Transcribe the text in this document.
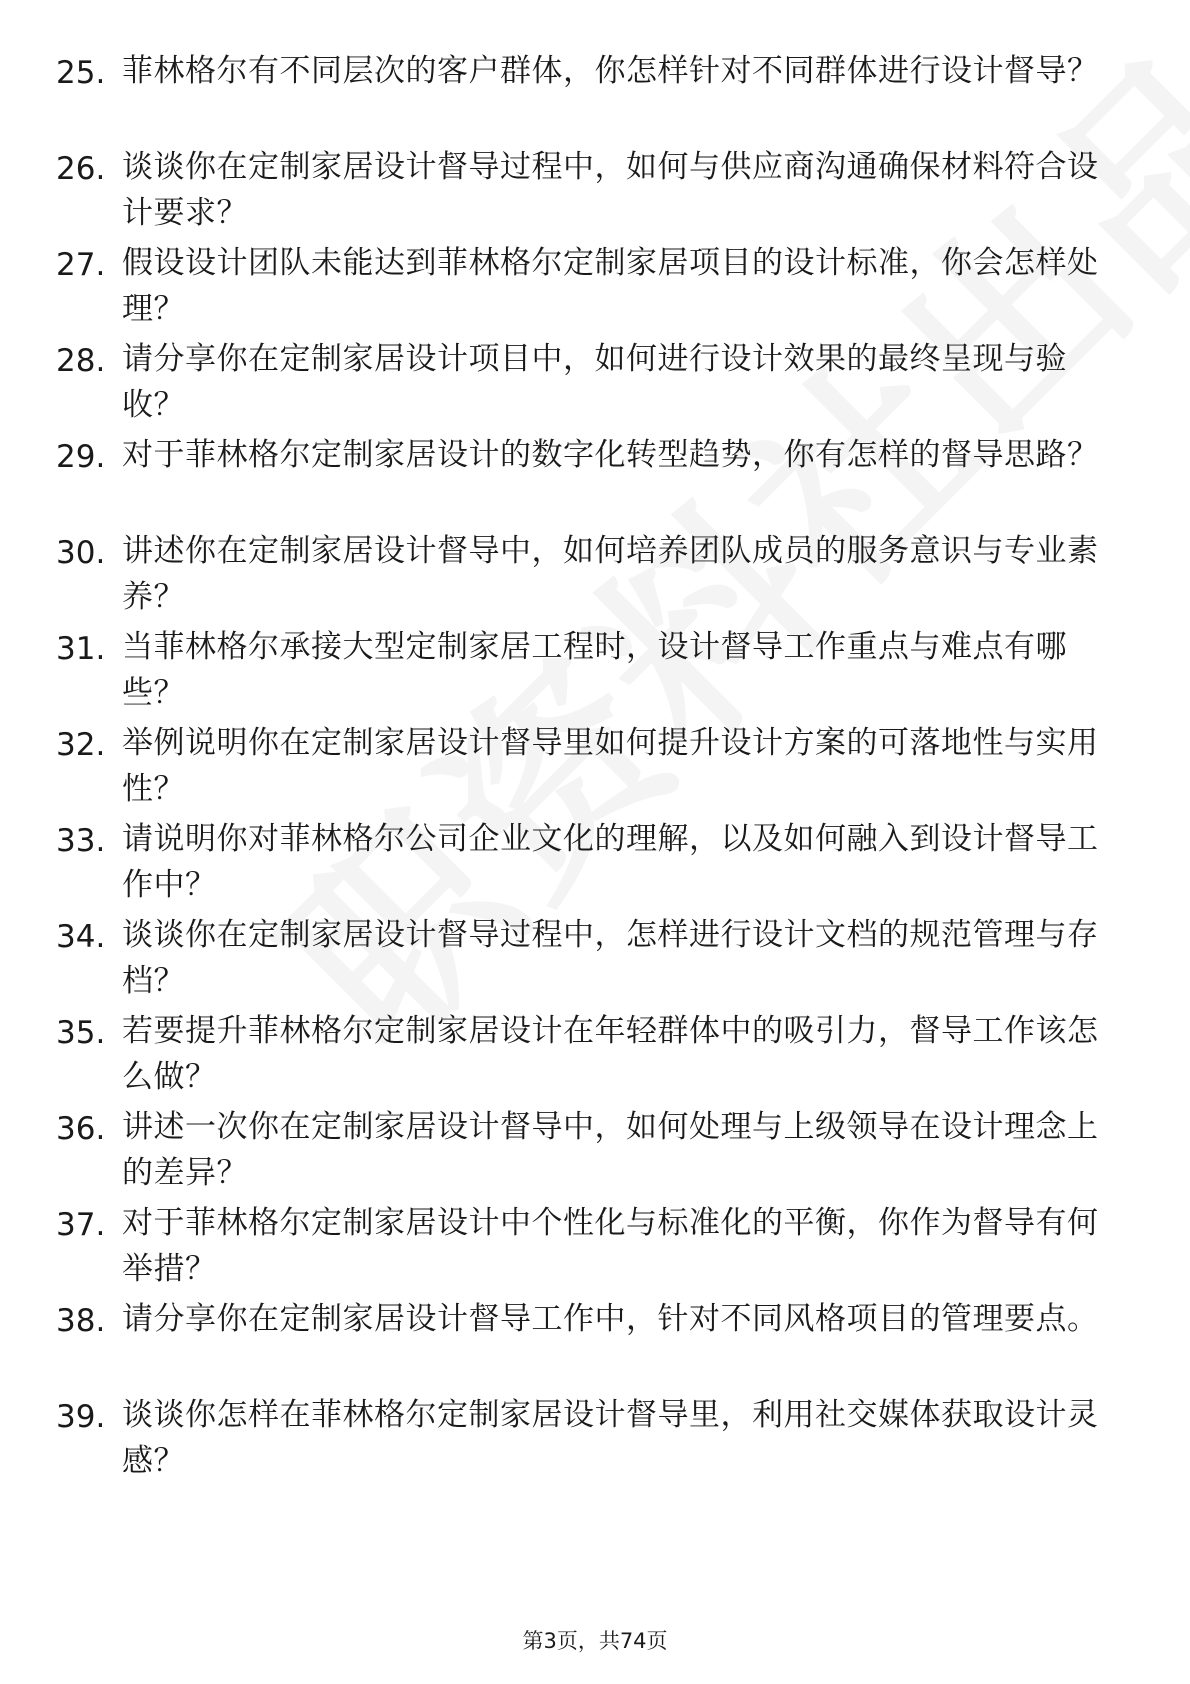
25. 菲林格尔有不同层次的客户群体，你怎样针对不同群体进行设计督导？
26. 谈谈你在定制家居设计督导过程中，如何与供应商沟通确保材料符合设计要求？
27. 假设设计团队未能达到菲林格尔定制家居项目的设计标准，你会怎样处理？
28. 请分享你在定制家居设计项目中，如何进行设计效果的最终呈现与验收？
29. 对于菲林格尔定制家居设计的数字化转型趋势，你有怎样的督导思路？
30. 讲述你在定制家居设计督导中，如何培养团队成员的服务意识与专业素养？
31. 当菲林格尔承接大型定制家居工程时，设计督导工作重点与难点有哪些？
32. 举例说明你在定制家居设计督导里如何提升设计方案的可落地性与实用性？
33. 请说明你对菲林格尔公司企业文化的理解，以及如何融入到设计督导工作中？
34. 谈谈你在定制家居设计督导过程中，怎样进行设计文档的规范管理与存档？
35. 若要提升菲林格尔定制家居设计在年轻群体中的吸引力，督导工作该怎么做？
36. 讲述一次你在定制家居设计督导中，如何处理与上级领导在设计理念上的差异？
37. 对于菲林格尔定制家居设计中个性化与标准化的平衡，你作为督导有何举措？
38. 请分享你在定制家居设计督导工作中，针对不同风格项目的管理要点。
39. 谈谈你怎样在菲林格尔定制家居设计督导里，利用社交媒体获取设计灵感？
第3页，共74页
